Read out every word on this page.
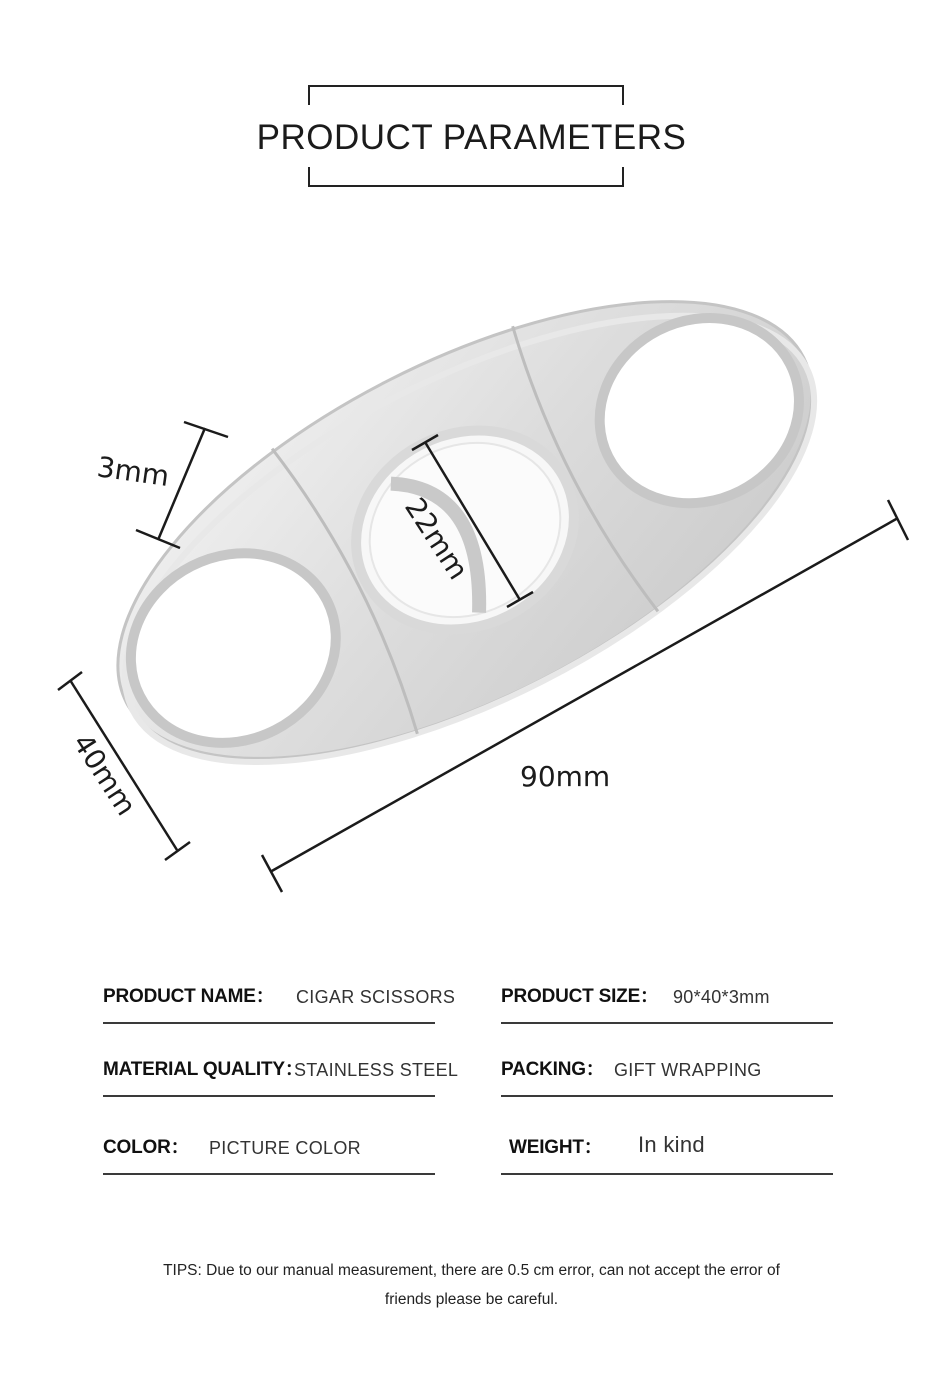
PRODUCT PARAMETERS
3mm
22mm
40mm	90mm
PRODUCT NAME： CIGAR SCISSORS PRODUCT SIZE： 90*40*3mm
MATERIAL QUALITY：
STAINLESS STEEL PACKING： GIFT WRAPPING
COLOR： PICTURE COLOR	WEIGHT： In kind
TIPS: Due to our manual measurement, there are 0.5 cm error, can not accept the error of
friends please be careful.
